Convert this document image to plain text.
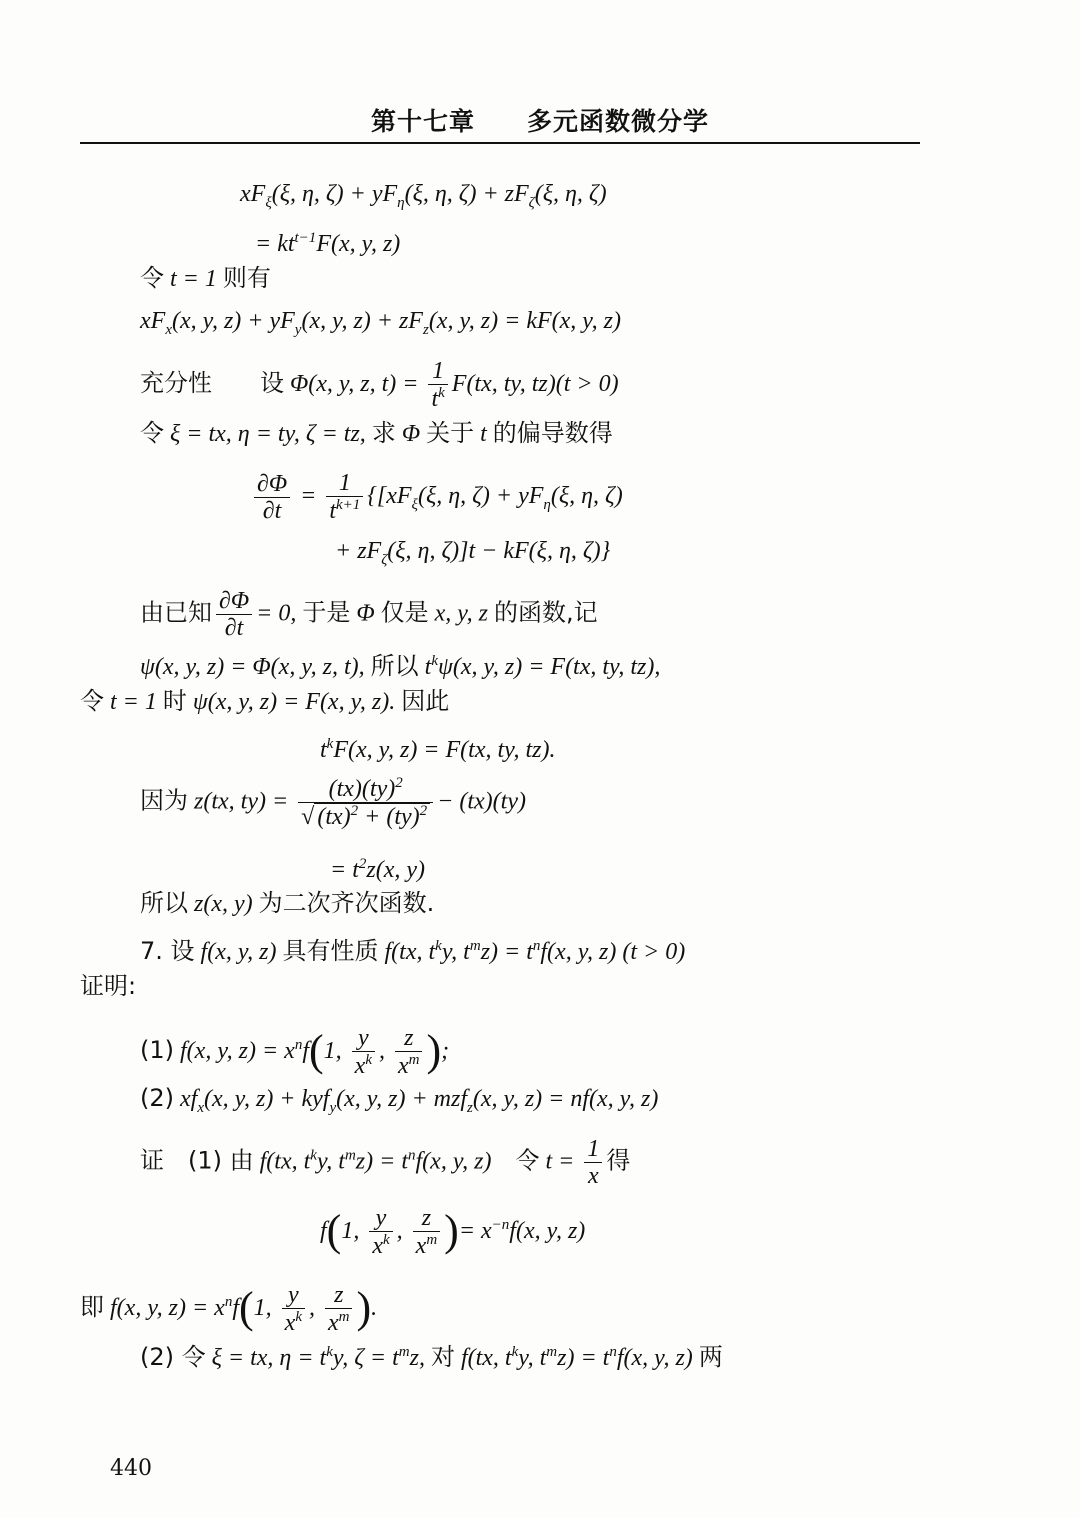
第十七章　　多元函数微分学
$xF_\xi(\xi$, η, $\zeta) + yF_\eta(\xi$, η, $\zeta) + zF_\zeta(\xi$, η, ζ)
= $kt^{t-1}F(x$, y, z)
令 t = 1 则有
$xF_x(x$, y, $z) + yF_y(x$, y, $z) + zF_z(x$, y, z) = kF(x, y, z)
充分性　　设 Φ(x, y, z, $t) = \frac{1}{t^k} F(tx$, ty, tz)(t > 0)
令 ξ = tx, η = ty, ζ = tz, 求 Φ 关于 t 的偏导数得
$\frac{\partial\Phi}{\partial t} = \frac{1}{t^{k+1}} \{[xF_\xi(\xi$, η, $\zeta) + yF_\eta(\xi$, η, ζ)
+ $zF_\zeta(\xi$, η, ζ)]t − kF(ξ, η, ζ)}
由已知 $\frac{\partial\Phi}{\partial t} = 0$, 于是 Φ 仅是 x, y, z 的函数,记
ψ(x, y, z) = Φ(x, y, z, t), 所以 $t^k\psi(x$, y, z) = F(tx, ty, tz),
令 t = 1 时 ψ(x, y, z) = F(x, y, z). 因此
$t^kF(x$, y, z) = F(tx, ty, tz).
因为 z(tx, $ty) = \frac{(tx)(ty)^2}{√ (tx)^2 + (ty)^2} - (tx)(ty)$
= $t^2z(x$, y)
所以 z(x, y) 为二次齐次函数.
7. 设 f(x, y, z) 具有性质 f(tx, $t^ky$, $t^mz) = t^nf(x$, y, z) (t > 0)
证明:
(1) f(x, y, $z) = x^nf(1$, $\frac{y}{x^k}$ , $\frac{z}{x^m}$ );
(2) $xf_x(x$, y, z) + kyf$_y$(x, y, z) + mzf$_z$(x, y, z) = nf(x, y, z)
证　(1) 由 f(tx, $t^ky$, $t^mz) = t^nf(x$, y, z)　令 $t = \frac{1}{x}$ 得
f(1, $\frac{y}{x^k}$ , $\frac{z}{x^m}$ )= $x^{-n}f(x$, y, z)
即 f(x, y, $z) = x^nf(1$, $\frac{y}{x^k}$ , $\frac{z}{x^m}$ ).
(2) 令 ξ = tx, $\eta = t^ky$, $\zeta = t^mz$, 对 f(tx, $t^ky$, $t^mz) = t^nf(x$, y, z) 两
440
